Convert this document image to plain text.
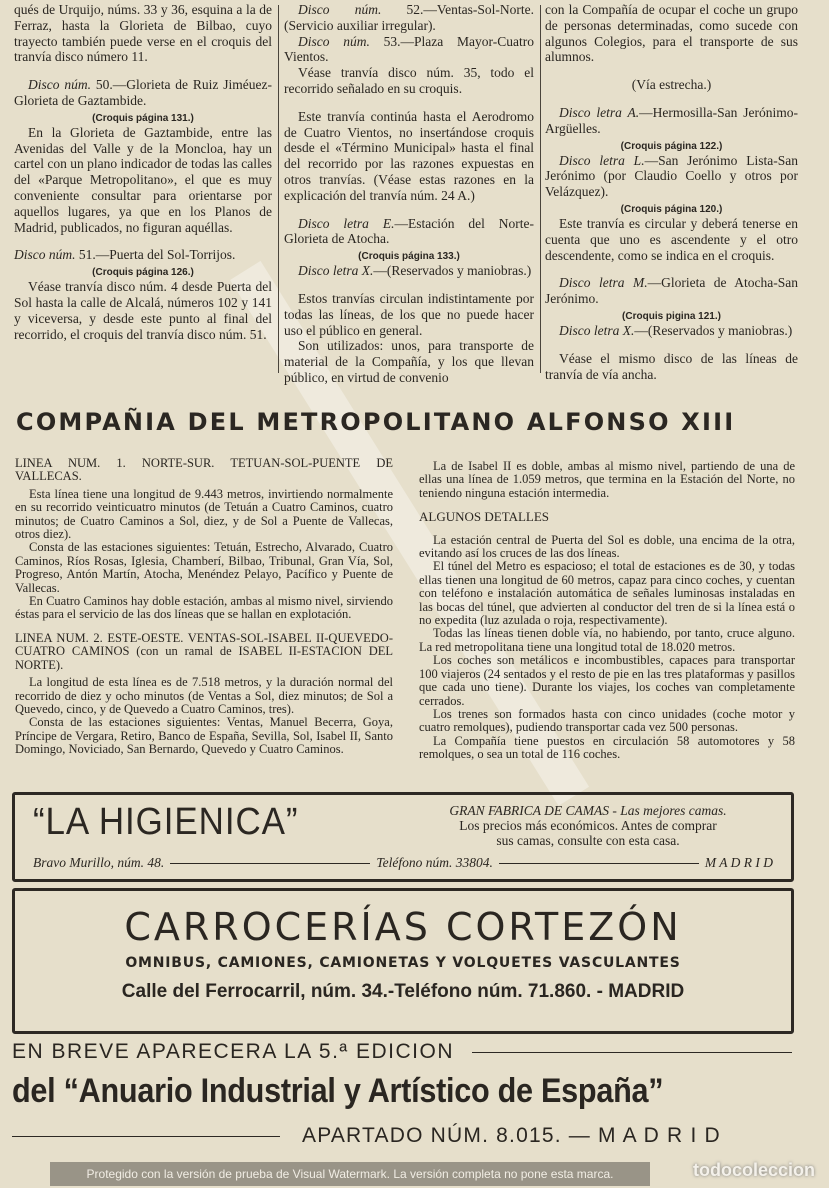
qués de Urquijo, núms. 33 y 36, esquina a la de Ferraz, hasta la Glorieta de Bilbao, cuyo trayecto también puede verse en el croquis del tranvía disco número 11.

Disco núm. 50.—Glorieta de Ruiz Jiméuez-Glorieta de Gaztambide.

(Croquis página 131.)

En la Glorieta de Gaztambide, entre las Avenidas del Valle y de la Moncloa, hay un cartel con un plano indicador de todas las calles del «Parque Metropolitano», el que es muy conveniente consultar para orientarse por aquellos lugares, ya que en los Planos de Madrid, publicados, no figuran aquéllas.

Disco núm. 51.—Puerta del Sol-Torrijos.

(Croquis página 126.)

Véase tranvía disco núm. 4 desde Puerta del Sol hasta la calle de Alcalá, números 102 y 141 y viceversa, y desde este punto al final del recorrido, el croquis del tranvía disco núm. 51.

Disco núm. 52.—Ventas-Sol-Norte. (Servicio auxiliar irregular).

Disco núm. 53.—Plaza Mayor-Cuatro Vientos.

Véase tranvía disco núm. 35, todo el recorrido señalado en su croquis.

Este tranvía continúa hasta el Aerodromo de Cuatro Vientos, no insertándose croquis desde el «Término Municipal» hasta el final del recorrido por las razones expuestas en otros tranvías. (Véase estas razones en la explicación del tranvía núm. 24 A.)

Disco letra E.—Estación del Norte-Glorieta de Atocha.

(Croquis página 133.)

Disco letra X.—(Reservados y maniobras.)

Estos tranvías circulan indistintamente por todas las líneas, de los que no puede hacer uso el público en general.

Son utilizados: unos, para transporte de material de la Compañía, y los que llevan público, en virtud de convenio

con la Compañía de ocupar el coche un grupo de personas determinadas, como sucede con algunos Colegios, para el transporte de sus alumnos.

(Vía estrecha.)

Disco letra A.—Hermosilla-San Jerónimo-Argüelles.

(Croquis página 122.)

Disco letra L.—San Jerónimo Lista-San Jerónimo (por Claudio Coello y otros por Velázquez).

(Croquis página 120.)

Este tranvía es circular y deberá tenerse en cuenta que uno es ascendente y el otro descendente, como se indica en el croquis.

Disco letra M.—Glorieta de Atocha-San Jerónimo.

(Croquis pigina 121.)

Disco letra X.—(Reservados y maniobras.)

Véase el mismo disco de las líneas de tranvía de vía ancha.

COMPAÑIA DEL METROPOLITANO ALFONSO XIII

LINEA NUM. 1. NORTE-SUR. TETUAN-SOL-PUENTE DE VALLECAS.

Esta línea tiene una longitud de 9.443 metros, invirtiendo normalmente en su recorrido veinticuatro minutos (de Tetuán a Cuatro Caminos, cuatro minutos; de Cuatro Caminos a Sol, diez, y de Sol a Puente de Vallecas, otros diez).

Consta de las estaciones siguientes: Tetuán, Estrecho, Alvarado, Cuatro Caminos, Ríos Rosas, Iglesia, Chamberí, Bilbao, Tribunal, Gran Vía, Sol, Progreso, Antón Martín, Atocha, Menéndez Pelayo, Pacífico y Puente de Vallecas.

En Cuatro Caminos hay doble estación, ambas al mismo nivel, sirviendo éstas para el servicio de las dos líneas que se hallan en explotación.

LINEA NUM. 2. ESTE-OESTE. VENTAS-SOL-ISABEL II-QUEVEDO-CUATRO CAMINOS (con un ramal de ISABEL II-ESTACION DEL NORTE).

La longitud de esta línea es de 7.518 metros, y la duración normal del recorrido de diez y ocho minutos (de Ventas a Sol, diez minutos; de Sol a Quevedo, cinco, y de Quevedo a Cuatro Caminos, tres).

Consta de las estaciones siguientes: Ventas, Manuel Becerra, Goya, Príncipe de Vergara, Retiro, Banco de España, Sevilla, Sol, Isabel II, Santo Domingo, Noviciado, San Bernardo, Quevedo y Cuatro Caminos.

La de Isabel II es doble, ambas al mismo nivel, partiendo de una de ellas una línea de 1.059 metros, que termina en la Estación del Norte, no teniendo ninguna estación intermedia.

ALGUNOS DETALLES

La estación central de Puerta del Sol es doble, una encima de la otra, evitando así los cruces de las dos líneas.

El túnel del Metro es espacioso; el total de estaciones es de 30, y todas ellas tienen una longitud de 60 metros, capaz para cinco coches, y cuentan con teléfono e instalación automática de señales luminosas instaladas en las bocas del túnel, que advierten al conductor del tren de si la línea está o no expedita (luz azulada o roja, respectivamente).

Todas las líneas tienen doble vía, no habiendo, por tanto, cruce alguno. La red metropolitana tiene una longitud total de 18.020 metros.

Los coches son metálicos e incombustibles, capaces para transportar 100 viajeros (24 sentados y el resto de pie en las tres plataformas y pasillos que cada uno tiene). Durante los viajes, los coches van completamente cerrados.

Los trenes son formados hasta con cinco unidades (coche motor y cuatro remolques), pudiendo transportar cada vez 500 personas.

La Compañía tiene puestos en circulación 58 automotores y 58 remolques, o sea un total de 116 coches.

“LA HIGIENICA”	GRAN FABRICA DE CAMAS - Las mejores camas.
Los precios más económicos. Antes de comprar
sus camas, consulte con esta casa.
Bravo Murillo, núm. 48.	Teléfono núm. 33804.	M A D R I D
CARROCERÍAS CORTEZÓN
OMNIBUS, CAMIONES, CAMIONETAS Y VOLQUETES VASCULANTES
Calle del Ferrocarril, núm. 34.-Teléfono núm. 71.860. - MADRID
EN BREVE APARECERA LA 5.ª EDICION
del “Anuario Industrial y Artístico de España”
APARTADO NÚM. 8.015. — M A D R I D
Protegido con la versión de prueba de Visual Watermark. La versión completa no pone esta marca.	todocoleccion
